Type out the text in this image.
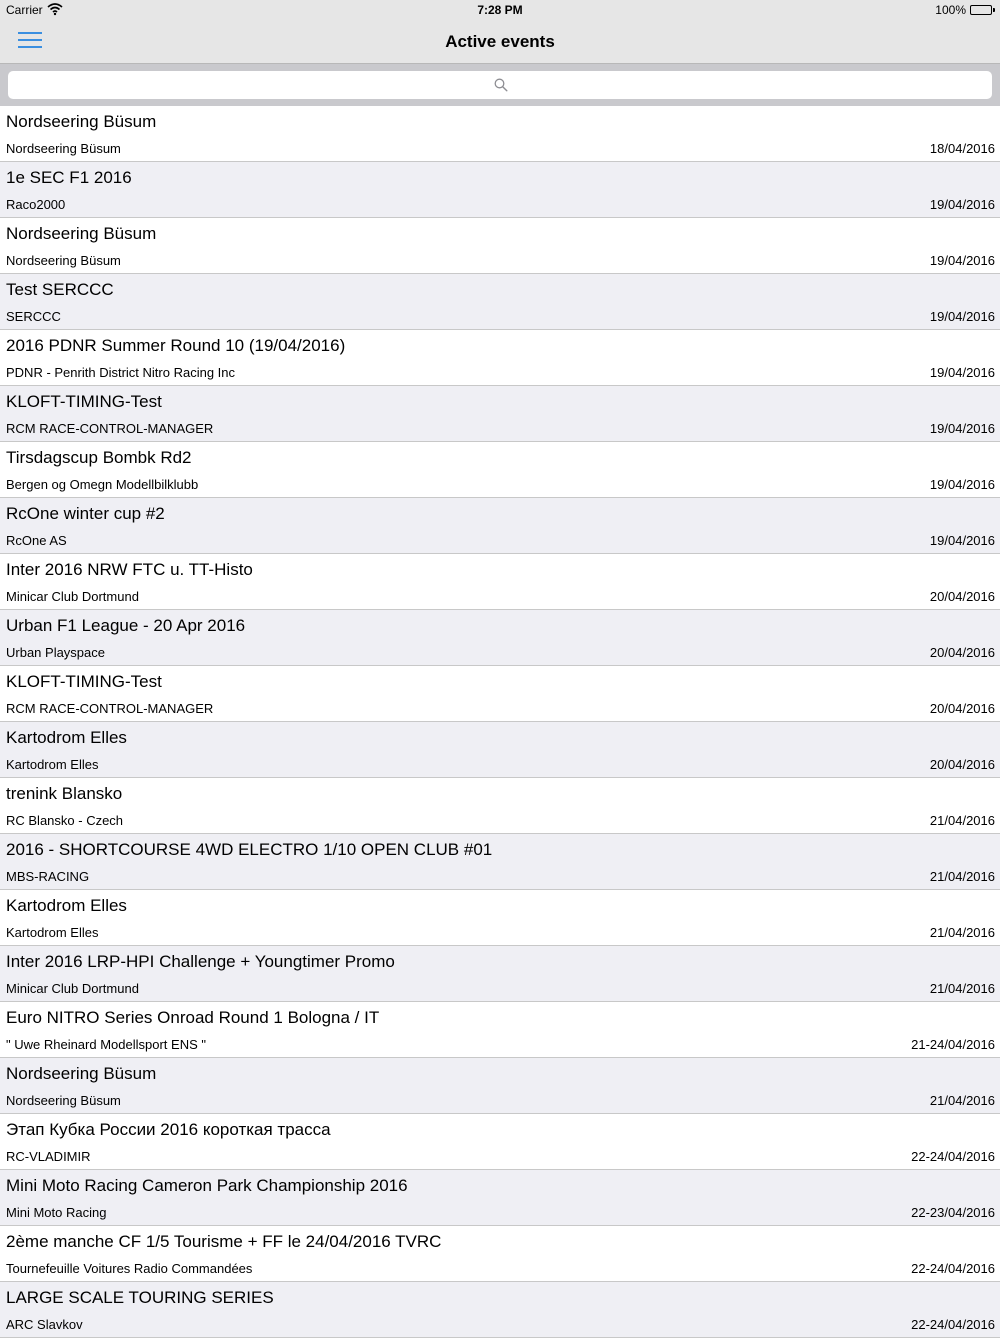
Carrier	7:28 PM	100%
Active events
Nordseering Büsum
Nordseering Büsum	18/04/2016
1e SEC F1 2016
Raco2000	19/04/2016
Nordseering Büsum
Nordseering Büsum	19/04/2016
Test SERCCC
SERCCC	19/04/2016
2016 PDNR Summer Round 10 (19/04/2016)
PDNR - Penrith District Nitro Racing Inc	19/04/2016
KLOFT-TIMING-Test
RCM RACE-CONTROL-MANAGER	19/04/2016
Tirsdagscup Bombk Rd2
Bergen og Omegn Modellbilklubb	19/04/2016
RcOne winter cup #2
RcOne AS	19/04/2016
Inter 2016 NRW FTC u. TT-Histo
Minicar Club Dortmund	20/04/2016
Urban F1 League - 20 Apr 2016
Urban Playspace	20/04/2016
KLOFT-TIMING-Test
RCM RACE-CONTROL-MANAGER	20/04/2016
Kartodrom Elles
Kartodrom Elles	20/04/2016
trenink Blansko
RC Blansko - Czech	21/04/2016
2016 - SHORTCOURSE 4WD ELECTRO 1/10 OPEN CLUB #01
MBS-RACING	21/04/2016
Kartodrom Elles
Kartodrom Elles	21/04/2016
Inter 2016 LRP-HPI Challenge + Youngtimer Promo
Minicar Club Dortmund	21/04/2016
Euro NITRO Series Onroad Round 1 Bologna / IT
" Uwe Rheinard Modellsport ENS "	21-24/04/2016
Nordseering Büsum
Nordseering Büsum	21/04/2016
Этап Кубка России 2016 короткая трасса
RC-VLADIMIR	22-24/04/2016
Mini Moto Racing Cameron Park Championship 2016
Mini Moto Racing	22-23/04/2016
2ème manche CF 1/5 Tourisme + FF le 24/04/2016 TVRC
Tournefeuille Voitures Radio Commandées	22-24/04/2016
LARGE SCALE TOURING SERIES
ARC Slavkov	22-24/04/2016
